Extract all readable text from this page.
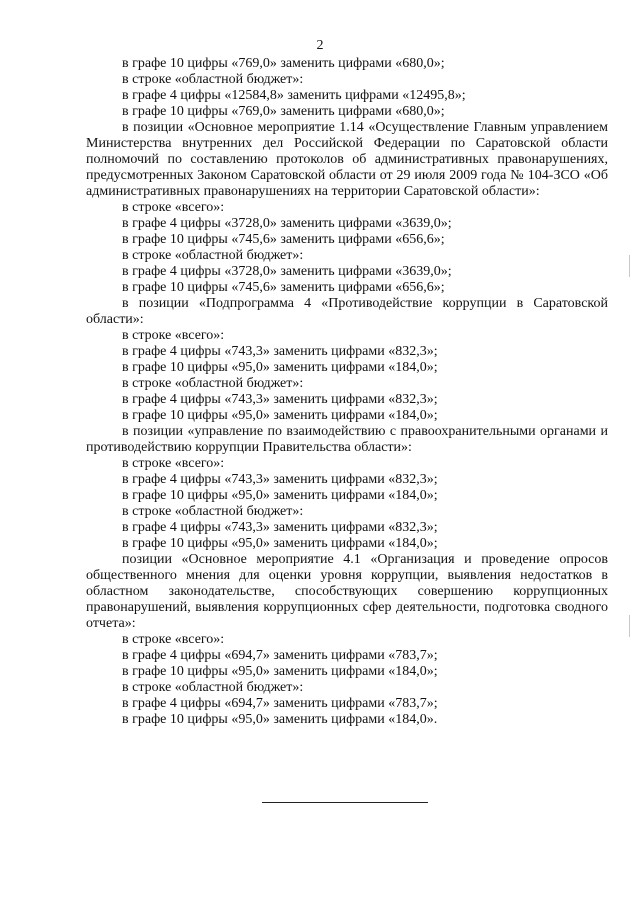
2
в графе 10 цифры «769,0» заменить цифрами «680,0»;
в строке «областной бюджет»:
в графе 4 цифры «12584,8» заменить цифрами «12495,8»;
в графе 10 цифры «769,0» заменить цифрами «680,0»;
в позиции «Основное мероприятие 1.14 «Осуществление Главным управлением Министерства внутренних дел Российской Федерации по Саратовской области полномочий по составлению протоколов об административных правонарушениях, предусмотренных Законом Саратовской области от 29 июля 2009 года № 104-ЗСО «Об административных правонарушениях на территории Саратовской области»:
в строке «всего»:
в графе 4 цифры «3728,0» заменить цифрами «3639,0»;
в графе 10 цифры «745,6» заменить цифрами «656,6»;
в строке «областной бюджет»:
в графе 4 цифры «3728,0» заменить цифрами «3639,0»;
в графе 10 цифры «745,6» заменить цифрами «656,6»;
в позиции «Подпрограмма 4 «Противодействие коррупции в Саратовской области»:
в строке «всего»:
в графе 4 цифры «743,3» заменить цифрами «832,3»;
в графе 10 цифры «95,0» заменить цифрами «184,0»;
в строке «областной бюджет»:
в графе 4 цифры «743,3» заменить цифрами «832,3»;
в графе 10 цифры «95,0» заменить цифрами «184,0»;
в позиции «управление по взаимодействию с правоохранительными органами и противодействию коррупции Правительства области»:
в строке «всего»:
в графе 4 цифры «743,3» заменить цифрами «832,3»;
в графе 10 цифры «95,0» заменить цифрами «184,0»;
в строке «областной бюджет»:
в графе 4 цифры «743,3» заменить цифрами «832,3»;
в графе 10 цифры «95,0» заменить цифрами «184,0»;
позиции «Основное мероприятие 4.1 «Организация и проведение опросов общественного мнения для оценки уровня коррупции, выявления недостатков в областном законодательстве, способствующих совершению коррупционных правонарушений, выявления коррупционных сфер деятельности, подготовка сводного отчета»:
в строке «всего»:
в графе 4 цифры «694,7» заменить цифрами «783,7»;
в графе 10 цифры «95,0» заменить цифрами «184,0»;
в строке «областной бюджет»:
в графе 4 цифры «694,7» заменить цифрами «783,7»;
в графе 10 цифры «95,0» заменить цифрами «184,0».
